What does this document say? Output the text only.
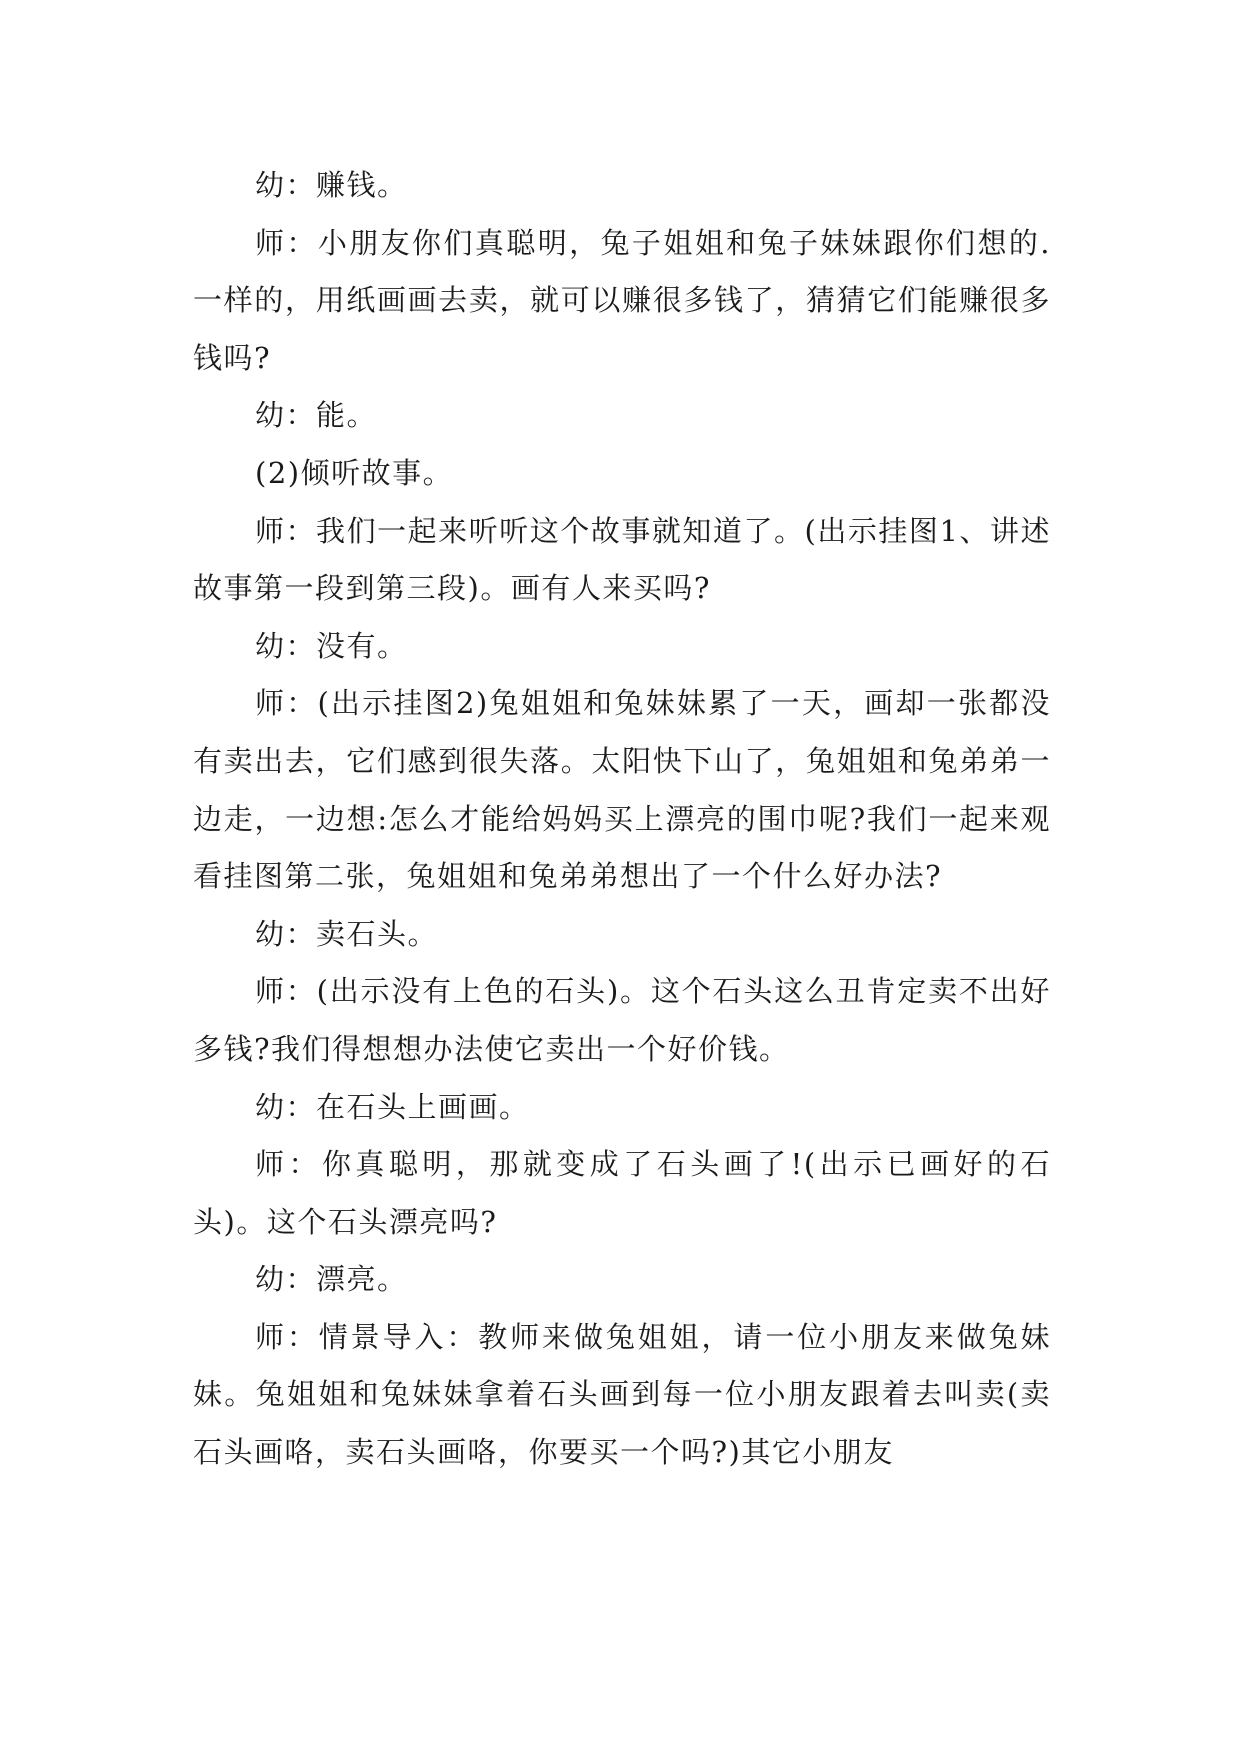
幼：赚钱。

师：小朋友你们真聪明，兔子姐姐和兔子妹妹跟你们想的.一样的，用纸画画去卖，就可以赚很多钱了，猜猜它们能赚很多钱吗?

幼：能。

(2)倾听故事。

师：我们一起来听听这个故事就知道了。(出示挂图1、讲述故事第一段到第三段)。画有人来买吗?

幼：没有。

师：(出示挂图2)兔姐姐和兔妹妹累了一天，画却一张都没有卖出去，它们感到很失落。太阳快下山了，兔姐姐和兔弟弟一边走，一边想:怎么才能给妈妈买上漂亮的围巾呢?我们一起来观看挂图第二张，兔姐姐和兔弟弟想出了一个什么好办法?

幼：卖石头。

师：(出示没有上色的石头)。这个石头这么丑肯定卖不出好多钱?我们得想想办法使它卖出一个好价钱。

幼：在石头上画画。

师：你真聪明，那就变成了石头画了!(出示已画好的石头)。这个石头漂亮吗?

幼：漂亮。

师：情景导入：教师来做兔姐姐，请一位小朋友来做兔妹妹。兔姐姐和兔妹妹拿着石头画到每一位小朋友跟着去叫卖(卖石头画咯，卖石头画咯，你要买一个吗?)其它小朋友
